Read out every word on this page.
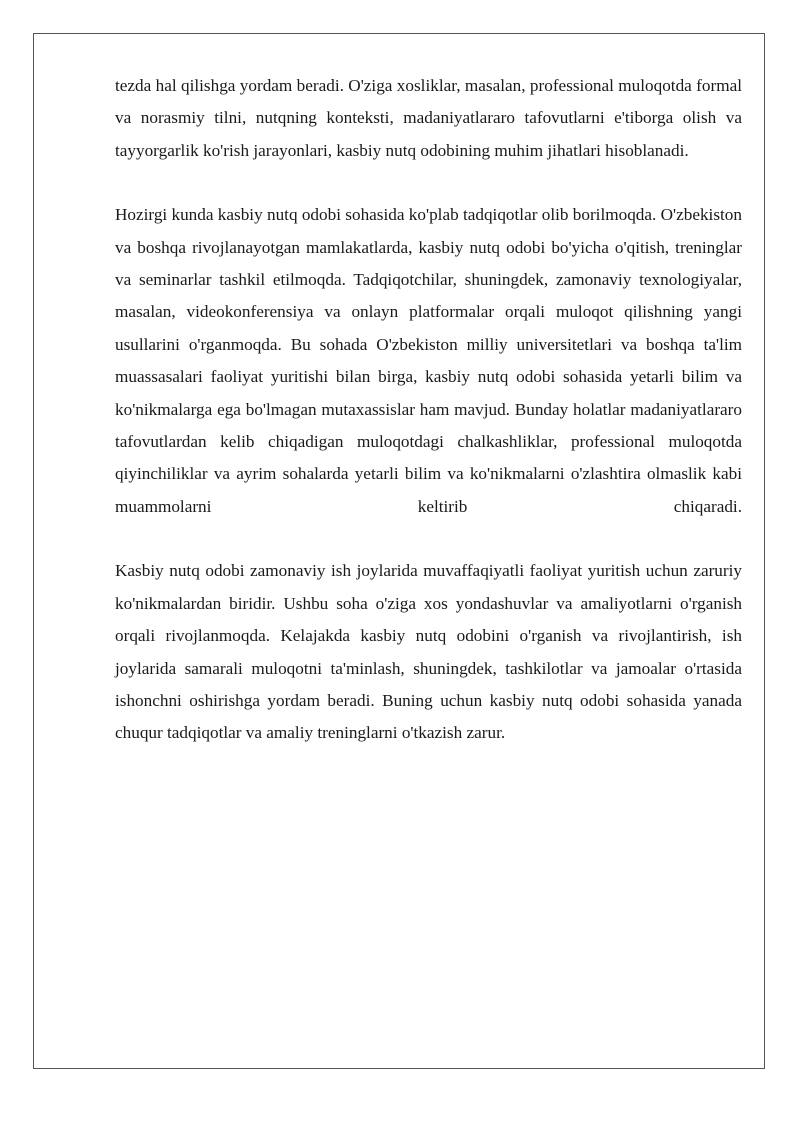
tezda hal qilishga yordam beradi. O'ziga xosliklar, masalan, professional muloqotda formal va norasmiy tilni, nutqning konteksti, madaniyatlararo tafovutlarni e'tiborga olish va tayyorgarlik ko'rish jarayonlari, kasbiy nutq odobining muhim jihatlari hisoblanadi.

Hozirgi kunda kasbiy nutq odobi sohasida ko'plab tadqiqotlar olib borilmoqda. O'zbekiston va boshqa rivojlanayotgan mamlakatlarda, kasbiy nutq odobi bo'yicha o'qitish, treninglar va seminarlar tashkil etilmoqda. Tadqiqotchilar, shuningdek, zamonaviy texnologiyalar, masalan, videokonferensiya va onlayn platformalar orqali muloqot qilishning yangi usullarini o'rganmoqda. Bu sohada O'zbekiston milliy universitetlari va boshqa ta'lim muassasalari faoliyat yuritishi bilan birga, kasbiy nutq odobi sohasida yetarli bilim va ko'nikmalarga ega bo'lmagan mutaxassislar ham mavjud. Bunday holatlar madaniyatlararo tafovutlardan kelib chiqadigan muloqotdagi chalkashliklar, professional muloqotda qiyinchiliklar va ayrim sohalarda yetarli bilim va ko'nikmalarni o'zlashtira olmaslik kabi muammolarni keltirib chiqaradi.

Kasbiy nutq odobi zamonaviy ish joylarida muvaffaqiyatli faoliyat yuritish uchun zaruriy ko'nikmalardan biridir. Ushbu soha o'ziga xos yondashuvlar va amaliyotlarni o'rganish orqali rivojlanmoqda. Kelajakda kasbiy nutq odobini o'rganish va rivojlantirish, ish joylarida samarali muloqotni ta'minlash, shuningdek, tashkilotlar va jamoalar o'rtasida ishonchni oshirishga yordam beradi. Buning uchun kasbiy nutq odobi sohasida yanada chuqur tadqiqotlar va amaliy treninglarni o'tkazish zarur.
